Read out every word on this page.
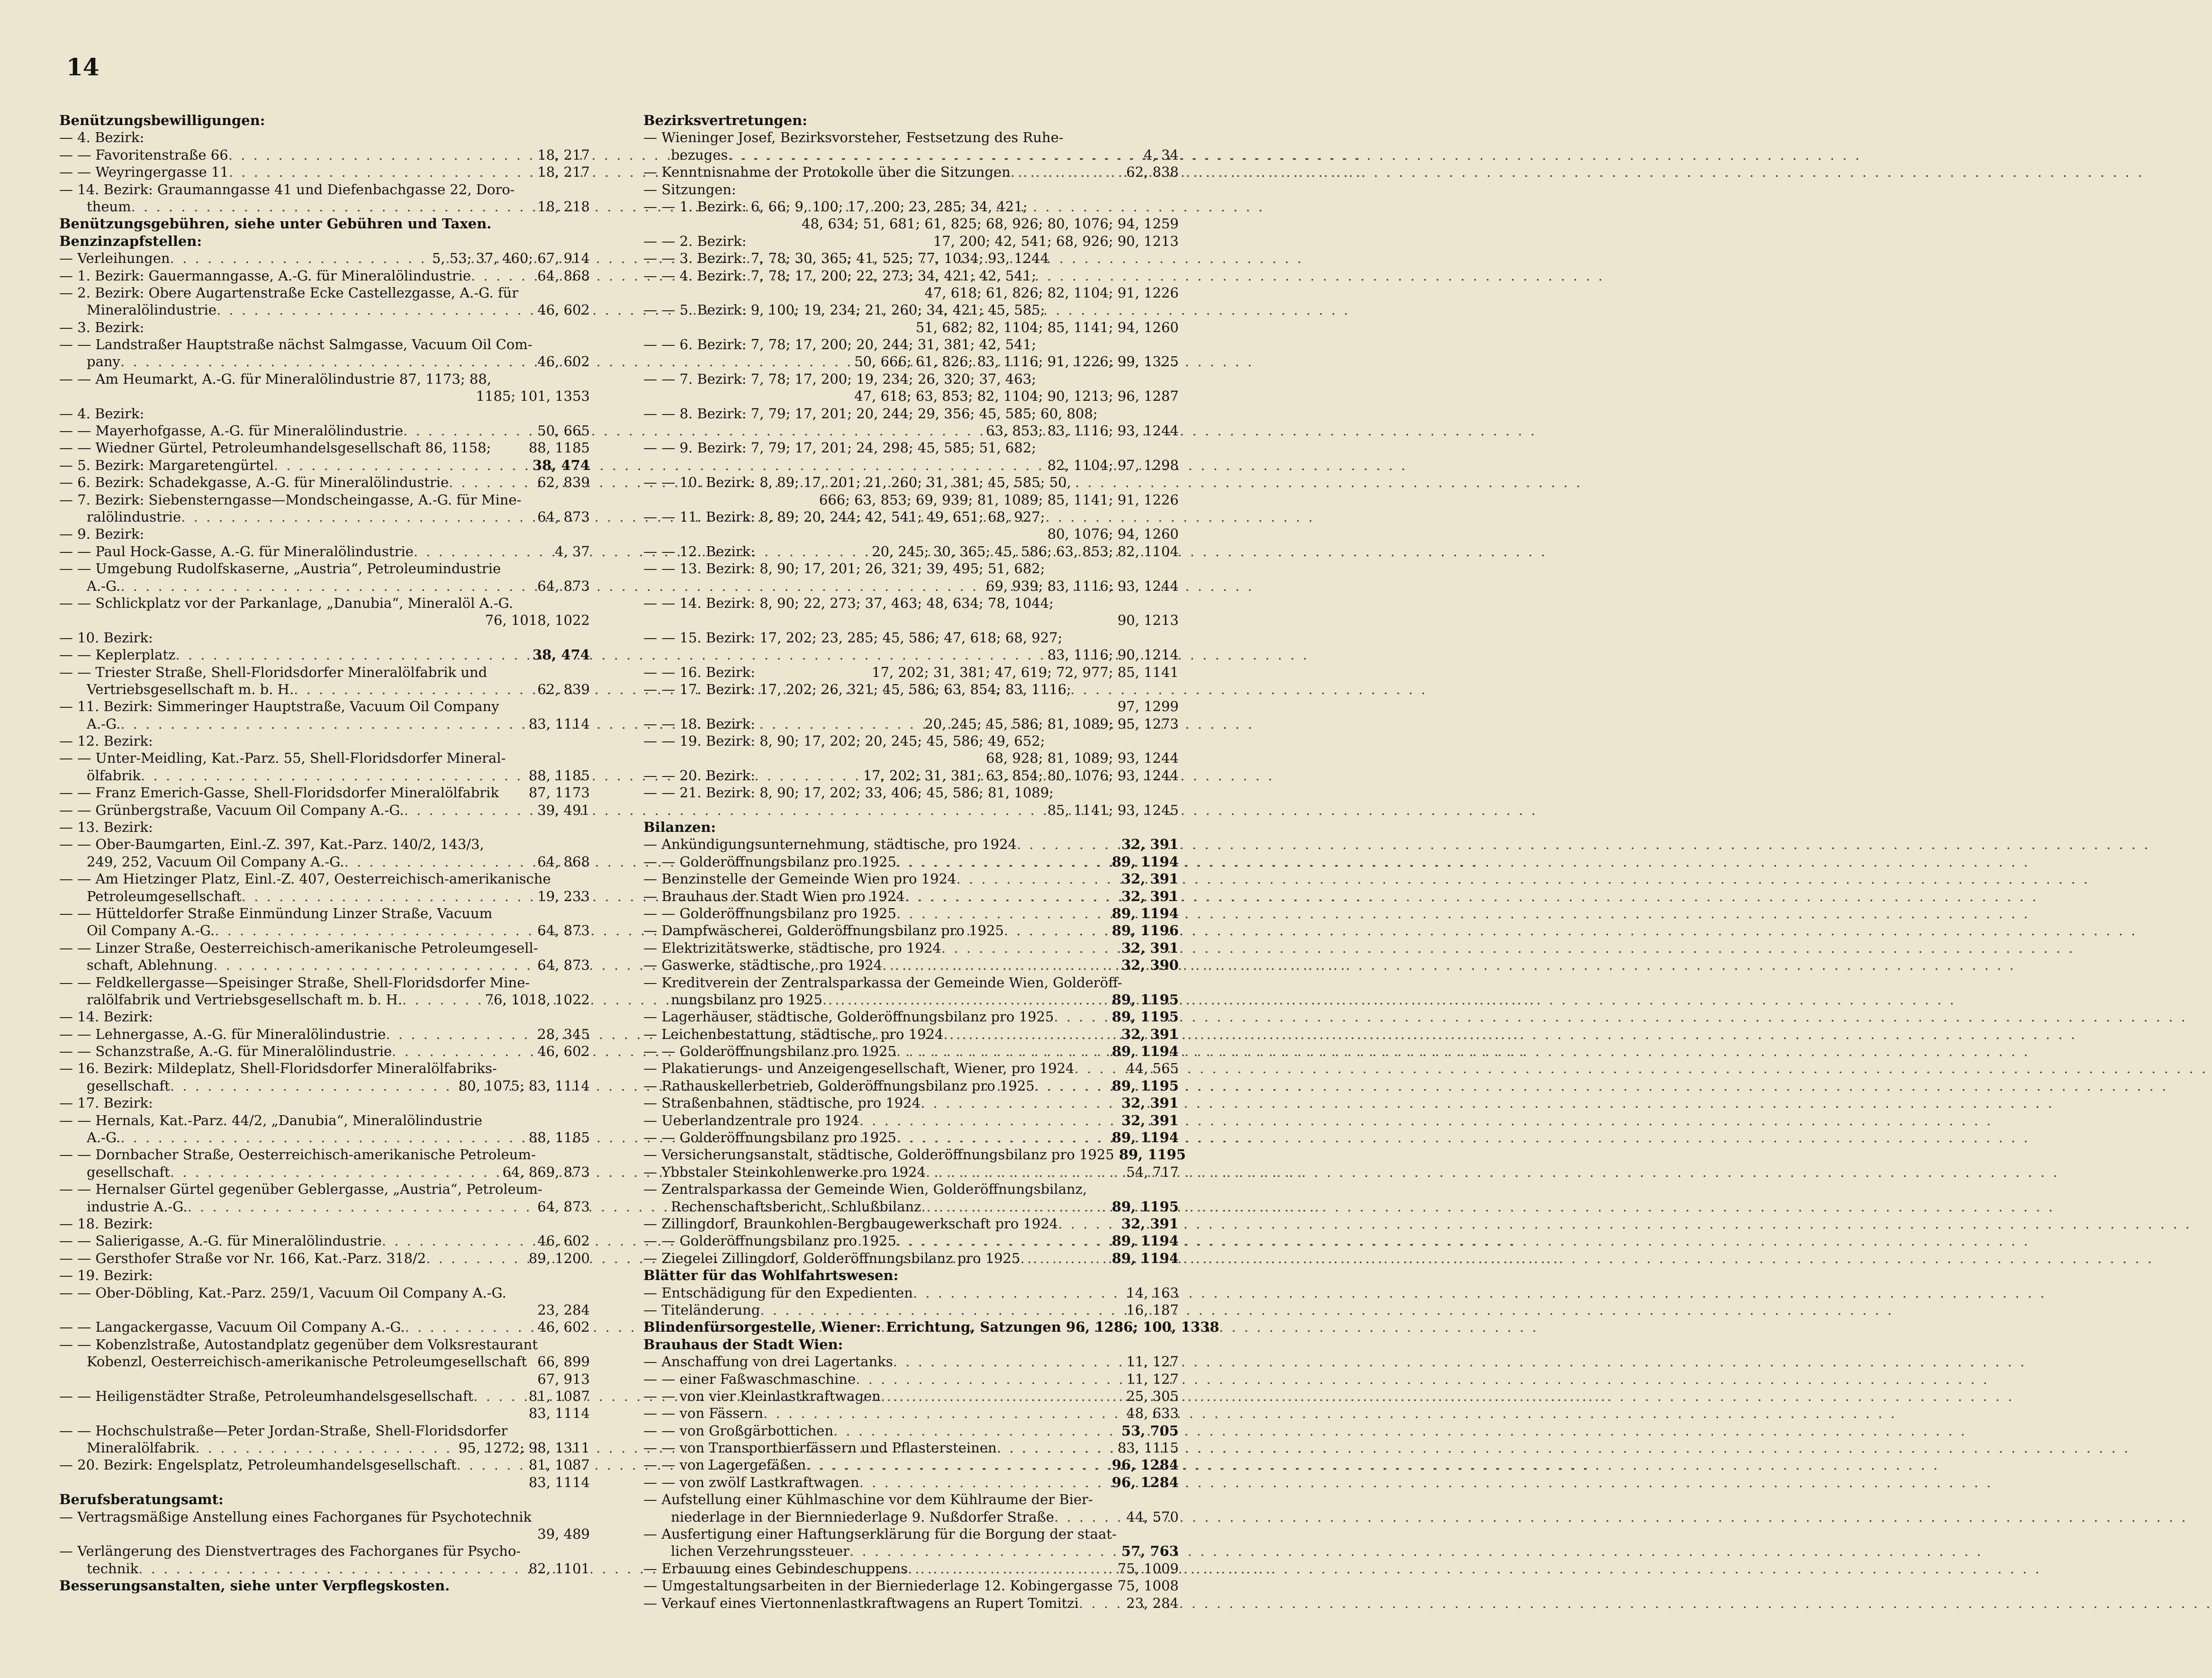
14
Benützungsbewilligungen:
— 4. Bezirk:
— — Favoritenstraße 66 . . .	18, 217
— — Weyringergasse 11 . . .	18, 217
— 14. Bezirk: Graumanngasse 41 und Diefenbachgasse 22, Doro-
theum . . .	18, 218
Benützungsgebühren, siehe unter Gebühren und Taxen.
Benzinzapfstellen:
— Verleihungen . . .	5, 53; 37, 460; 67, 914
— 1. Bezirk: Gauermanngasse, A.-G. für Mineralölindustrie . . .	64, 868
— 2. Bezirk: Obere Augartenstraße Ecke Castellezgasse, A.-G. für
Mineralölindustrie . . .	46, 602
— 3. Bezirk:
— — Landstraßer Hauptstraße nächst Salmgasse, Vacuum Oil Com-
pany . . .	46, 602
— — Am Heumarkt, A.-G. für Mineralölindustrie 87, 1173; 88,
1185; 101, 1353
— 4. Bezirk:
— — Mayerhofgasse, A.-G. für Mineralölindustrie . . .	50, 665
— — Wiedner Gürtel, Petroleumhandelsgesellschaft 86, 1158;	88, 1185
— 5. Bezirk: Margaretengürtel . . .	38, 474
— 6. Bezirk: Schadekgasse, A.-G. für Mineralölindustrie . . .	62, 839
— 7. Bezirk: Siebensterngasse—Mondscheingasse, A.-G. für Mine-
ralölindustrie . . .	64, 873
— 9. Bezirk:
— — Paul Hock-Gasse, A.-G. für Mineralölindustrie . . .	4, 37
— — Umgebung Rudolfskaserne, „Austria“, Petroleumindustrie
A.-G. . . .	64, 873
— — Schlickplatz vor der Parkanlage, „Danubia“, Mineralöl A.-G.
76, 1018, 1022
— 10. Bezirk:
— — Keplerplatz . . .	38, 474
— — Triester Straße, Shell-Floridsdorfer Mineralölfabrik und
Vertriebsgesellschaft m. b. H. . . .	62, 839
— 11. Bezirk: Simmeringer Hauptstraße, Vacuum Oil Company
A.-G. . . .	83, 1114
— 12. Bezirk:
— — Unter-Meidling, Kat.-Parz. 55, Shell-Floridsdorfer Mineral-
ölfabrik . . .	88, 1185
— — Franz Emerich-Gasse, Shell-Floridsdorfer Mineralölfabrik	87, 1173
— — Grünbergstraße, Vacuum Oil Company A.-G. . . .	39, 491
— 13. Bezirk:
— — Ober-Baumgarten, Einl.-Z. 397, Kat.-Parz. 140/2, 143/3,
249, 252, Vacuum Oil Company A.-G. . . .	64, 868
— — Am Hietzinger Platz, Einl.-Z. 407, Oesterreichisch-amerikanische
Petroleumgesellschaft . . .	19, 233
— — Hütteldorfer Straße Einmündung Linzer Straße, Vacuum
Oil Company A.-G. . . .	64, 873
— — Linzer Straße, Oesterreichisch-amerikanische Petroleumgesell-
schaft, Ablehnung . . .	64, 873
— — Feldkellergasse—Speisinger Straße, Shell-Floridsdorfer Mine-
ralölfabrik und Vertriebsgesellschaft m. b. H. . . .	76, 1018, 1022
— 14. Bezirk:
— — Lehnergasse, A.-G. für Mineralölindustrie . . .	28, 345
— — Schanzstraße, A.-G. für Mineralölindustrie . . .	46, 602
— 16. Bezirk: Mildeplatz, Shell-Floridsdorfer Mineralölfabriks-
gesellschaft . . .	80, 1075; 83, 1114
— 17. Bezirk:
— — Hernals, Kat.-Parz. 44/2, „Danubia“, Mineralölindustrie
A.-G. . . .	88, 1185
— — Dornbacher Straße, Oesterreichisch-amerikanische Petroleum-
gesellschaft . . .	64, 869, 873
— — Hernalser Gürtel gegenüber Geblergasse, „Austria“, Petroleum-
industrie A.-G. . . .	64, 873
— 18. Bezirk:
— — Salierigasse, A.-G. für Mineralölindustrie . . .	46, 602
— — Gersthofer Straße vor Nr. 166, Kat.-Parz. 318/2 . . .	89, 1200
— 19. Bezirk:
— — Ober-Döbling, Kat.-Parz. 259/1, Vacuum Oil Company A.-G.
23, 284
— — Langackergasse, Vacuum Oil Company A.-G. . . .	46, 602
— — Kobenzlstraße, Autostandplatz gegenüber dem Volksrestaurant
Kobenzl, Oesterreichisch-amerikanische Petroleumgesellschaft 66, 899
67, 913
— — Heiligenstädter Straße, Petroleumhandelsgesellschaft . . .	81, 1087
83, 1114
— — Hochschulstraße—Peter Jordan-Straße, Shell-Floridsdorfer
Mineralölfabrik . . .	95, 1272; 98, 1311
— 20. Bezirk: Engelsplatz, Petroleumhandelsgesellschaft . . .	81, 1087
83, 1114
Berufsberatungsamt:
— Vertragsmäßige Anstellung eines Fachorganes für Psychotechnik
39, 489
— Verlängerung des Dienstvertrages des Fachorganes für Psycho-
technik . . .	82, 1101
Besserungsanstalten, siehe unter Verpflegskosten.
Bezirksvertretungen:
— Wieninger Josef, Bezirksvorsteher, Festsetzung des Ruhe-
bezuges . . .	4, 34
— Kenntnisnahme der Protokolle über die Sitzungen . . .	62, 838
— Sitzungen:
— — 1. Bezirk: 6, 66; 9, 100; 17, 200; 23, 285; 34, 421;
48, 634; 51, 681; 61, 825; 68, 926; 80, 1076; 94, 1259
— — 2. Bezirk:	17, 200; 42, 541; 68, 926; 90, 1213
— — 3. Bezirk: 7, 78; 30, 365; 41, 525; 77, 1034; 93, 1244
— — 4. Bezirk: 7, 78; 17, 200; 22, 273; 34, 421; 42, 541;
47, 618; 61, 826; 82, 1104; 91, 1226
— — 5. Bezirk: 9, 100; 19, 234; 21, 260; 34, 421; 45, 585;
51, 682; 82, 1104; 85, 1141; 94, 1260
— — 6. Bezirk: 7, 78; 17, 200; 20, 244; 31, 381; 42, 541;
50, 666; 61, 826; 83, 1116; 91, 1226; 99, 1325
— — 7. Bezirk: 7, 78; 17, 200; 19, 234; 26, 320; 37, 463;
47, 618; 63, 853; 82, 1104; 90, 1213; 96, 1287
— — 8. Bezirk: 7, 79; 17, 201; 20, 244; 29, 356; 45, 585; 60, 808;
63, 853; 83, 1116; 93, 1244
— — 9. Bezirk: 7, 79; 17, 201; 24, 298; 45, 585; 51, 682;
82, 1104; 97, 1298
— — 10. Bezirk: 8, 89; 17, 201; 21, 260; 31, 381; 45, 585; 50,
666; 63, 853; 69, 939; 81, 1089; 85, 1141; 91, 1226
— — 11. Bezirk: 8, 89; 20, 244; 42, 541; 49, 651; 68, 927;
80, 1076; 94, 1260
— — 12. Bezirk:	20, 245; 30, 365; 45, 586; 63, 853; 82, 1104
— — 13. Bezirk: 8, 90; 17, 201; 26, 321; 39, 495; 51, 682;
69, 939; 83, 1116; 93, 1244
— — 14. Bezirk: 8, 90; 22, 273; 37, 463; 48, 634; 78, 1044;
90, 1213
— — 15. Bezirk: 17, 202; 23, 285; 45, 586; 47, 618; 68, 927;
83, 1116; 90, 1214
— — 16. Bezirk:	17, 202; 31, 381; 47, 619; 72, 977; 85, 1141
— — 17. Bezirk: 17, 202; 26, 321; 45, 586; 63, 854; 83, 1116;
97, 1299
— — 18. Bezirk:	20, 245; 45, 586; 81, 1089; 95, 1273
— — 19. Bezirk: 8, 90; 17, 202; 20, 245; 45, 586; 49, 652;
68, 928; 81, 1089; 93, 1244
— — 20. Bezirk:	17, 202; 31, 381; 63, 854; 80, 1076; 93, 1244
— — 21. Bezirk: 8, 90; 17, 202; 33, 406; 45, 586; 81, 1089;
85, 1141; 93, 1245
Bilanzen:
— Ankündigungsunternehmung, städtische, pro 1924 . . .	32, 391
— — Golderöffnungsbilanz pro 1925 . . .	89, 1194
— Benzinstelle der Gemeinde Wien pro 1924 . . .	32, 391
— Brauhaus der Stadt Wien pro 1924 . . .	32, 391
— — Golderöffnungsbilanz pro 1925 . . .	89, 1194
— Dampfwäscherei, Golderöffnungsbilanz pro 1925 . . .	89, 1196
— Elektrizitätswerke, städtische, pro 1924 . . .	32, 391
— Gaswerke, städtische, pro 1924 . . .	32, 390
— Kreditverein der Zentralsparkassa der Gemeinde Wien, Golderöff-
nungsbilanz pro 1925 . . .	89, 1195
— Lagerhäuser, städtische, Golderöffnungsbilanz pro 1925 . . .	89, 1195
— Leichenbestattung, städtische, pro 1924 . . .	32, 391
— — Golderöffnungsbilanz pro 1925 . . .	89, 1194
— Plakatierungs- und Anzeigengesellschaft, Wiener, pro 1924 . . .	44, 565
— Rathauskellerbetrieb, Golderöffnungsbilanz pro 1925 . . .	89, 1195
— Straßenbahnen, städtische, pro 1924 . . .	32, 391
— Ueberlandzentrale pro 1924 . . .	32, 391
— — Golderöffnungsbilanz pro 1925 . . .	89, 1194
— Versicherungsanstalt, städtische, Golderöffnungsbilanz pro 1925 89, 1195
— Ybbstaler Steinkohlenwerke pro 1924 . . .	54, 717
— Zentralsparkassa der Gemeinde Wien, Golderöffnungsbilanz,
Rechenschaftsbericht, Schlußbilanz . . .	89, 1195
— Zillingdorf, Braunkohlen-Bergbaugewerkschaft pro 1924 . . .	32, 391
— — Golderöffnungsbilanz pro 1925 . . .	89, 1194
— Ziegelei Zillingdorf, Golderöffnungsbilanz pro 1925 . . .	89, 1194
Blätter für das Wohlfahrtswesen:
— Entschädigung für den Expedienten . . .	14, 163
— Titeländerung . . .	16, 187
Blindenfürsorgestelle, Wiener: Errichtung, Satzungen 96, 1286; 100, 1338
Brauhaus der Stadt Wien:
— Anschaffung von drei Lagertanks . . .	11, 127
— — einer Faßwaschmaschine . . .	11, 127
— — von vier Kleinlastkraftwagen . . .	25, 305
— — von Fässern . . .	48, 633
— — von Großgärbottichen . . .	53, 705
— — von Transportbierfässern und Pflastersteinen . . .	83, 1115
— — von Lagergefäßen . . .	96, 1284
— — von zwölf Lastkraftwagen . . .	96, 1284
— Aufstellung einer Kühlmaschine vor dem Kühlraume der Bier-
niederlage in der Biernniederlage 9. Nußdorfer Straße . . .	44, 570
— Ausfertigung einer Haftungserklärung für die Borgung der staat-
lichen Verzehrungssteuer . . .	57, 763
— Erbauung eines Gebindeschuppens . . .	75, 1009
— Umgestaltungsarbeiten in der Bierniederlage 12. Kobingergasse 75, 1008
— Verkauf eines Viertonnenlastkraftwagens an Rupert Tomitzi . . .	23, 284
